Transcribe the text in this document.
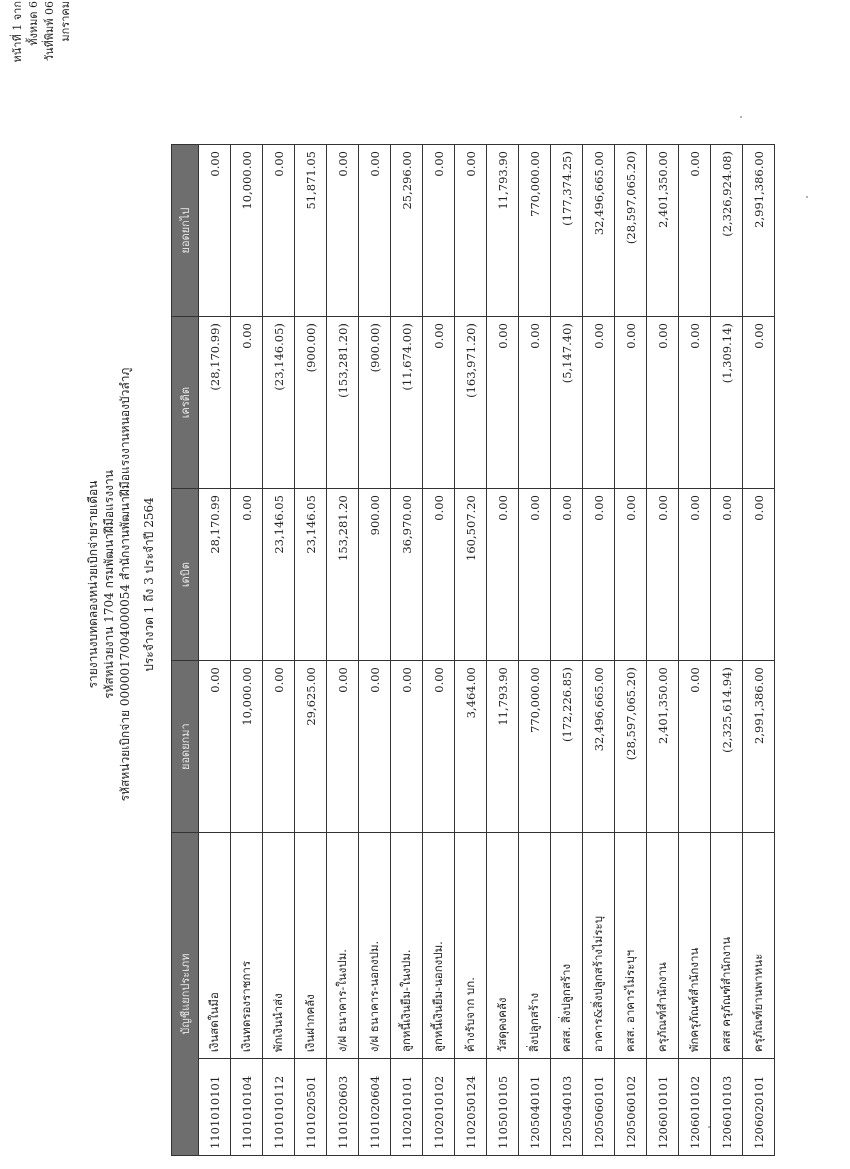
รายงานงบทดลองหน่วยเบิกจ่ายรายเดือน รหัสหน่วยงาน 1704 กรมพัฒนาฝีมือแรงงาน รหัสหน่วยเบิกจ่าย 0000017004000054 สำนักงานพัฒนาฝีมือแรงงานหนองบัวลำภู ประจำงวด 1 ถึง 3 ประจำปี 2564
หน้าที่ 1 จากทั้งหมด 6 วันที่พิมพ์ 06 มกราคม
บัญชีแยกประเภท		ยอดยกมา	เดบิต	เครดิต	ยอดยกไป
1101010101	เงินสดในมือ	0.00	28,170.99	(28,170.99)	0.00
1101010104	เงินทดรองราชการ	10,000.00	0.00	0.00	10,000.00
1101010112	พักเงินนำส่ง	0.00	23,146.05	(23,146.05)	0.00
1101020501	เงินฝากคลัง	29,625.00	23,146.05	(900.00)	51,871.05
1101020603	ง/ฝ ธนาคาร-ในงปม.	0.00	153,281.20	(153,281.20)	0.00
1101020604	ง/ฝ ธนาคาร-นอกงปม.	0.00	900.00	(900.00)	0.00
1102010101	ลูกหนี้เงินยืม-ในงปม.	0.00	36,970.00	(11,674.00)	25,296.00
1102010102	ลูกหนี้เงินยืม-นอกงปม.	0.00	0.00	0.00	0.00
1102050124	ค้างรับจาก บก.	3,464.00	160,507.20	(163,971.20)	0.00
1105010105	วัสดุคงคลัง	11,793.90	0.00	0.00	11,793.90
1205040101	สิ่งปลูกสร้าง	770,000.00	0.00	0.00	770,000.00
1205040103	คสส. สิ่งปลูกสร้าง	(172,226.85)	0.00	(5,147.40)	(177,374.25)
1205060101	อาคาร&สิ่งปลูกสร้างไม่ระบุ	32,496,665.00	0.00	0.00	32,496,665.00
1205060102	คสส. อาคารไม่ระบุฯ	(28,597,065.20)	0.00	0.00	(28,597,065.20)
1206010101	ครุภัณฑ์สำนักงาน	2,401,350.00	0.00	0.00	2,401,350.00
1206010102	พักครุภัณฑ์สำนักงาน	0.00	0.00	0.00	0.00
1206010103	คสส ครุภัณฑ์สำนักงาน	(2,325,614.94)	0.00	(1,309.14)	(2,326,924.08)
1206020101	ครุภัณฑ์ยานพาหนะ	2,991,386.00	0.00	0.00	2,991,386.00
